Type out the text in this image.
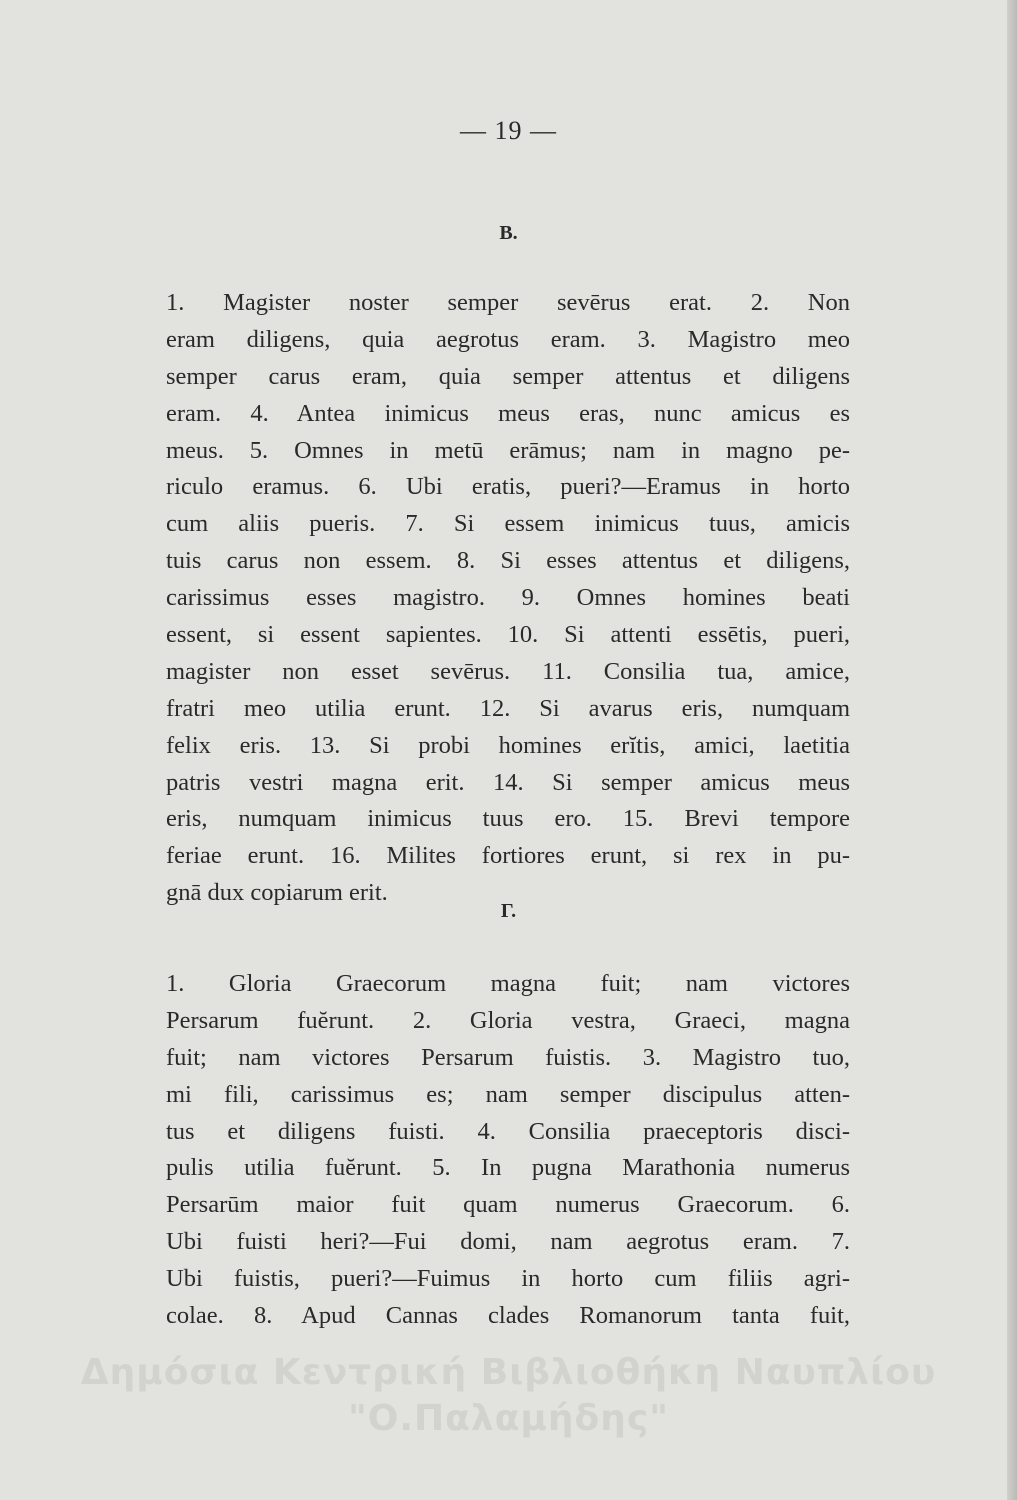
— 19 —
B.
1. Magister noster semper sevērus erat. 2. Non
eram diligens, quia aegrotus eram. 3. Magistro meo
semper carus eram, quia semper attentus et diligens
eram. 4. Antea inimicus meus eras, nunc amicus es
meus. 5. Omnes in metū erāmus; nam in magno pe-
riculo eramus. 6. Ubi eratis, pueri?—Eramus in horto
cum aliis pueris. 7. Si essem inimicus tuus, amicis
tuis carus non essem. 8. Si esses attentus et diligens,
carissimus esses magistro. 9. Omnes homines beati
essent, si essent sapientes. 10. Si attenti essētis, pueri,
magister non esset sevērus. 11. Consilia tua, amice,
fratri meo utilia erunt. 12. Si avarus eris, numquam
felix eris. 13. Si probi homines erĭtis, amici, laetitia
patris vestri magna erit. 14. Si semper amicus meus
eris, numquam inimicus tuus ero. 15. Brevi tempore
feriae erunt. 16. Milites fortiores erunt, si rex in pu-
gnā dux copiarum erit.
Γ.
1. Gloria Graecorum magna fuit; nam victores
Persarum fuĕrunt. 2. Gloria vestra, Graeci, magna
fuit; nam victores Persarum fuistis. 3. Magistro tuo,
mi fili, carissimus es; nam semper discipulus atten-
tus et diligens fuisti. 4. Consilia praeceptoris disci-
pulis utilia fuĕrunt. 5. In pugna Marathonia numerus
Persarūm maior fuit quam numerus Graecorum. 6.
Ubi fuisti heri?—Fui domi, nam aegrotus eram. 7.
Ubi fuistis, pueri?—Fuimus in horto cum filiis agri-
colae. 8. Apud Cannas clades Romanorum tanta fuit,
Δημόσια Κεντρική Βιβλιοθήκη Ναυπλίου
"Ο.Παλαμήδης"
